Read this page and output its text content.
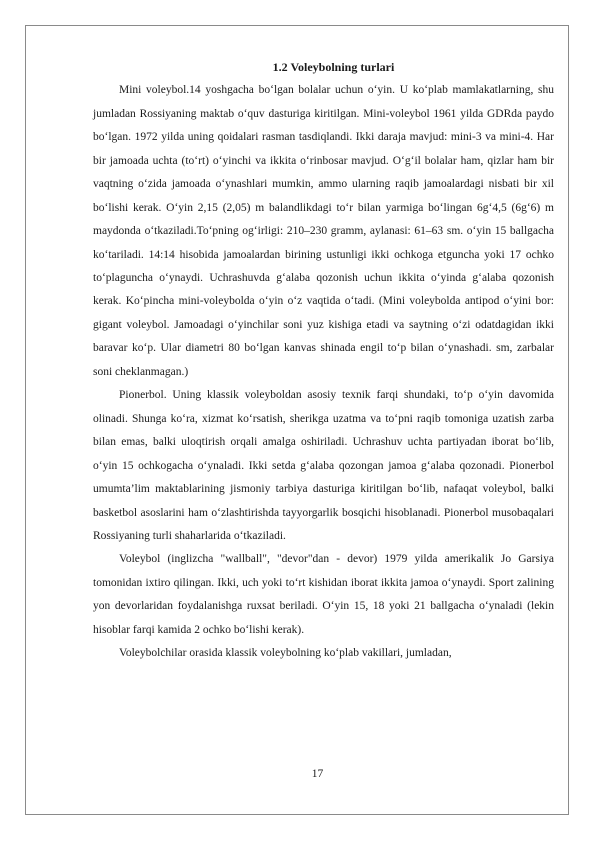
1.2 Voleybolning turlari

Mini voleybol.14 yoshgacha bo‘lgan bolalar uchun o‘yin. U ko‘plab mamlakatlarning, shu jumladan Rossiyaning maktab o‘quv dasturiga kiritilgan. Mini-voleybol 1961 yilda GDRda paydo bo‘lgan. 1972 yilda uning qoidalari rasman tasdiqlandi. Ikki daraja mavjud: mini-3 va mini-4. Har bir jamoada uchta (to‘rt) o‘yinchi va ikkita o‘rinbosar mavjud. O‘g‘il bolalar ham, qizlar ham bir vaqtning o‘zida jamoada o‘ynashlari mumkin, ammo ularning raqib jamoalardagi nisbati bir xil bo‘lishi kerak. O‘yin 2,15 (2,05) m balandlikdagi to‘r bilan yarmiga bo‘lingan 6g‘4,5 (6g‘6) m maydonda o‘tkaziladi.To‘pning og‘irligi: 210–230 gramm, aylanasi: 61–63 sm. o‘yin 15 ballgacha ko‘tariladi. 14:14 hisobida jamoalardan birining ustunligi ikki ochkoga etguncha yoki 17 ochko to‘plaguncha o‘ynaydi. Uchrashuvda g‘alaba qozonish uchun ikkita o‘yinda g‘alaba qozonish kerak. Ko‘pincha mini-voleybolda o‘yin o‘z vaqtida o‘tadi. (Mini voleybolda antipod o‘yini bor: gigant voleybol. Jamoadagi o‘yinchilar soni yuz kishiga etadi va saytning o‘zi odatdagidan ikki baravar ko‘p. Ular diametri 80 bo‘lgan kanvas shinada engil to‘p bilan o‘ynashadi. sm, zarbalar soni cheklanmagan.)

Pionerbol. Uning klassik voleyboldan asosiy texnik farqi shundaki, to‘p o‘yin davomida olinadi. Shunga ko‘ra, xizmat ko‘rsatish, sherikga uzatma va to‘pni raqib tomoniga uzatish zarba bilan emas, balki uloqtirish orqali amalga oshiriladi. Uchrashuv uchta partiyadan iborat bo‘lib, o‘yin 15 ochkogacha o‘ynaladi. Ikki setda g‘alaba qozongan jamoa g‘alaba qozonadi. Pionerbol umumta’lim maktablarining jismoniy tarbiya dasturiga kiritilgan bo‘lib, nafaqat voleybol, balki basketbol asoslarini ham o‘zlashtirishda tayyorgarlik bosqichi hisoblanadi. Pionerbol musobaqalari Rossiyaning turli shaharlarida o‘tkaziladi.

Voleybol (inglizcha "wallball", "devor"dan - devor) 1979 yilda amerikalik Jo Garsiya tomonidan ixtiro qilingan. Ikki, uch yoki to‘rt kishidan iborat ikkita jamoa o‘ynaydi. Sport zalining yon devorlaridan foydalanishga ruxsat beriladi. O‘yin 15, 18 yoki 21 ballgacha o‘ynaladi (lekin hisoblar farqi kamida 2 ochko bo‘lishi kerak).

Voleybolchilar orasida klassik voleybolning ko‘plab vakillari, jumladan,

17
